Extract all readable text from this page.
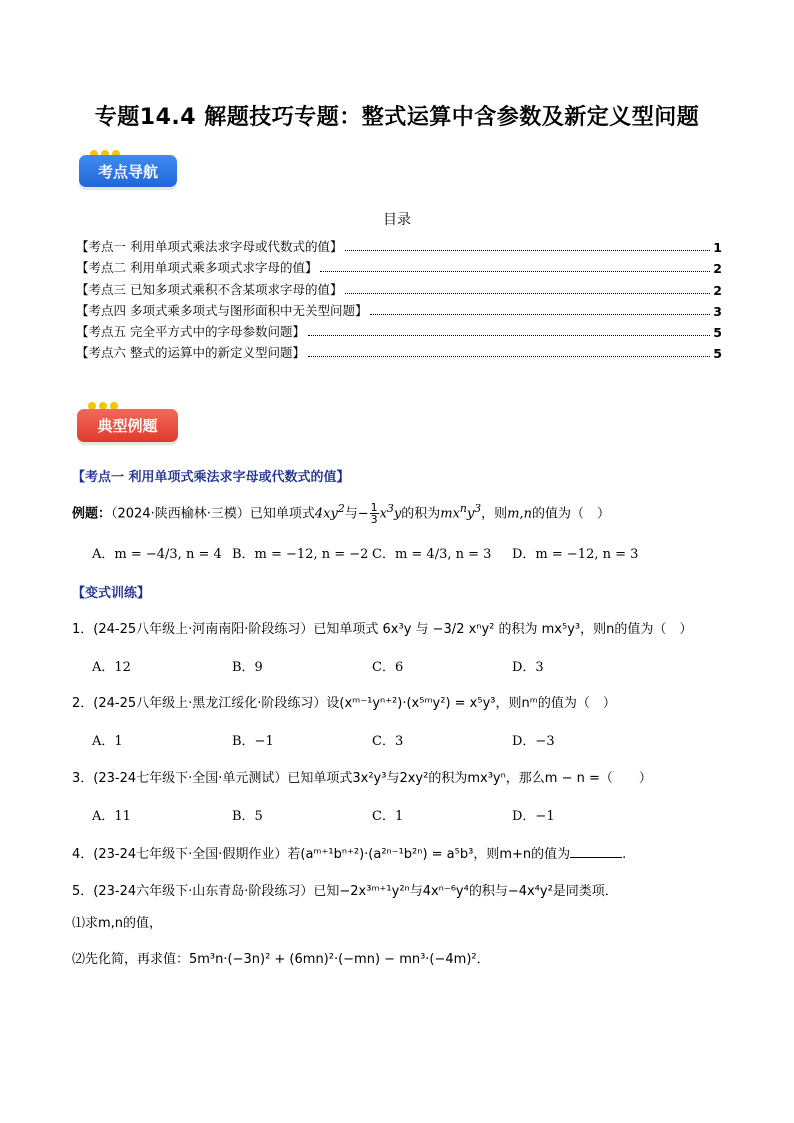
专题14.4 解题技巧专题：整式运算中含参数及新定义型问题
考点导航
目录
【考点一 利用单项式乘法求字母或代数式的值】	1
【考点二 利用单项式乘多项式求字母的值】	2
【考点三 已知多项式乘积不含某项求字母的值】	2
【考点四 多项式乘多项式与图形面积中无关型问题】	3
【考点五 完全平方式中的字母参数问题】	5
【考点六 整式的运算中的新定义型问题】	5
典型例题
【考点一 利用单项式乘法求字母或代数式的值】
例题：（2024·陕西榆林·三模）已知单项式$4xy^2$与− $\frac{1}{3} x^3y$的积为$mx^ny^3$，则m,n的值为（　）
A．m = −4/3, n = 4 B．m = −12, n = −2 C．m = 4/3, n = 3	D．m = −12, n = 3
【变式训练】
1．(24-25八年级上·河南南阳·阶段练习）已知单项式 6x³y 与 −3/2 xⁿy² 的积为 mx⁵y³，则n的值为（　）
A．12	B．9	C．6	D．3
2．(24-25八年级上·黑龙江绥化·阶段练习）设(xᵐ⁻¹yⁿ⁺²)·(x⁵ᵐy²) = x⁵y³，则nᵐ的值为（　）
A．1	B．−1	C．3	D．−3
3．(23-24七年级下·全国·单元测试）已知单项式3x²y³与2xy²的积为mx³yⁿ，那么m − n =（　　）
A．11	B．5	C．1	D．−1
4．(23-24七年级下·全国·假期作业）若(aᵐ⁺¹bⁿ⁺²)·(a²ⁿ⁻¹b²ⁿ) = a⁵b³，则m+n的值为	.
5．(23-24六年级下·山东青岛·阶段练习）已知−2x³ᵐ⁺¹y²ⁿ与4xⁿ⁻⁶y⁴的积与−4x⁴y²是同类项．
⑴求m,n的值，
⑵先化简，再求值：5m³n·(−3n)² + (6mn)²·(−mn) − mn³·(−4m)²．
